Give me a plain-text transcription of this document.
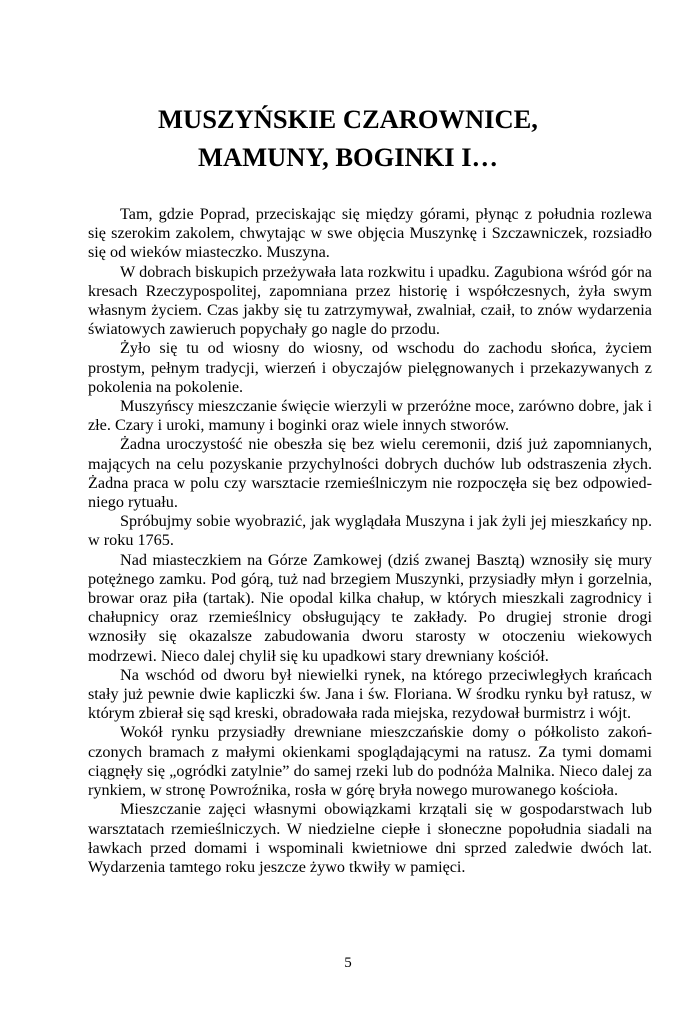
MUSZYŃSKIE CZAROWNICE,
MAMUNY, BOGINKI I…

Tam, gdzie Poprad, przeciskając się między górami, płynąc z południa rozlewa się szerokim zakolem, chwytając w swe objęcia Muszynkę i Szczawniczek, rozsiadło się od wieków miasteczko. Muszyna.

W dobrach biskupich przeżywała lata rozkwitu i upadku. Zagubiona wśród gór na kresach Rzeczypospolitej, zapomniana przez historię i współczesnych, żyła swym własnym życiem. Czas jakby się tu zatrzymywał, zwalniał, czaił, to znów wydarzenia światowych zawieruch popychały go nagle do przodu.

Żyło się tu od wiosny do wiosny, od wschodu do zachodu słońca, życiem prostym, pełnym tradycji, wierzeń i obyczajów pielęgnowanych i przekazywanych z pokolenia na pokolenie.

Muszyńscy mieszczanie święcie wierzyli w przeróżne moce, zarówno dobre, jak i złe. Czary i uroki, mamuny i boginki oraz wiele innych stworów.

Żadna uroczystość nie obeszła się bez wielu ceremonii, dziś już zapomnianych, mających na celu pozyskanie przychylności dobrych duchów lub odstraszenia złych. Żadna praca w polu czy warsztacie rzemieślniczym nie rozpoczęła się bez odpowied-niego rytuału.

Spróbujmy sobie wyobrazić, jak wyglądała Muszyna i jak żyli jej mieszkańcy np. w roku 1765.

Nad miasteczkiem na Górze Zamkowej (dziś zwanej Basztą) wznosiły się mury potężnego zamku. Pod górą, tuż nad brzegiem Muszynki, przysiadły młyn i gorzelnia, browar oraz piła (tartak). Nie opodal kilka chałup, w których mieszkali zagrodnicy i chałupnicy oraz rzemieślnicy obsługujący te zakłady. Po drugiej stronie drogi wznosiły się okazalsze zabudowania dworu starosty w otoczeniu wiekowych modrzewi. Nieco dalej chylił się ku upadkowi stary drewniany kościół.

Na wschód od dworu był niewielki rynek, na którego przeciwległych krańcach stały już pewnie dwie kapliczki św. Jana i św. Floriana. W środku rynku był ratusz, w którym zbierał się sąd kreski, obradowała rada miejska, rezydował burmistrz i wójt.

Wokół rynku przysiadły drewniane mieszczańskie domy o półkolisto zakoń-czonych bramach z małymi okienkami spoglądającymi na ratusz. Za tymi domami ciągnęły się „ogródki zatylnie” do samej rzeki lub do podnóża Malnika. Nieco dalej za rynkiem, w stronę Powroźnika, rosła w górę bryła nowego murowanego kościoła.

Mieszczanie zajęci własnymi obowiązkami krzątali się w gospodarstwach lub warsztatach rzemieślniczych. W niedzielne ciepłe i słoneczne popołudnia siadali na ławkach przed domami i wspominali kwietniowe dni sprzed zaledwie dwóch lat. Wydarzenia tamtego roku jeszcze żywo tkwiły w pamięci.

5
